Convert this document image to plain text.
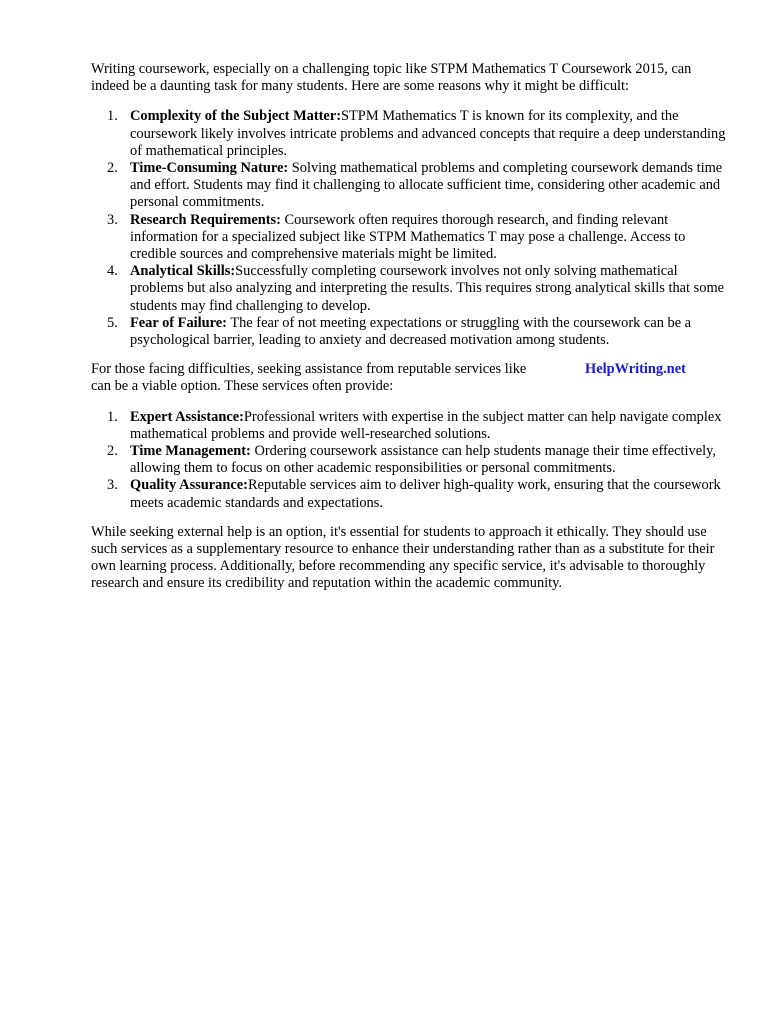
Writing coursework, especially on a challenging topic like STPM Mathematics T Coursework 2015, can indeed be a daunting task for many students. Here are some reasons why it might be difficult:

1. Complexity of the Subject Matter:STPM Mathematics T is known for its complexity, and the coursework likely involves intricate problems and advanced concepts that require a deep understanding of mathematical principles.
2. Time-Consuming Nature: Solving mathematical problems and completing coursework demands time and effort. Students may find it challenging to allocate sufficient time, considering other academic and personal commitments.
3. Research Requirements: Coursework often requires thorough research, and finding relevant information for a specialized subject like STPM Mathematics T may pose a challenge. Access to credible sources and comprehensive materials might be limited.
4. Analytical Skills:Successfully completing coursework involves not only solving mathematical problems but also analyzing and interpreting the results. This requires strong analytical skills that some students may find challenging to develop.
5. Fear of Failure: The fear of not meeting expectations or struggling with the coursework can be a psychological barrier, leading to anxiety and decreased motivation among students.

For those facing difficulties, seeking assistance from reputable services like	HelpWriting.net

can be a viable option. These services often provide:

1. Expert Assistance:Professional writers with expertise in the subject matter can help navigate complex mathematical problems and provide well-researched solutions.
2. Time Management: Ordering coursework assistance can help students manage their time effectively, allowing them to focus on other academic responsibilities or personal commitments.
3. Quality Assurance:Reputable services aim to deliver high-quality work, ensuring that the coursework meets academic standards and expectations.

While seeking external help is an option, it's essential for students to approach it ethically. They should use such services as a supplementary resource to enhance their understanding rather than as a substitute for their own learning process. Additionally, before recommending any specific service, it's advisable to thoroughly research and ensure its credibility and reputation within the academic community.
